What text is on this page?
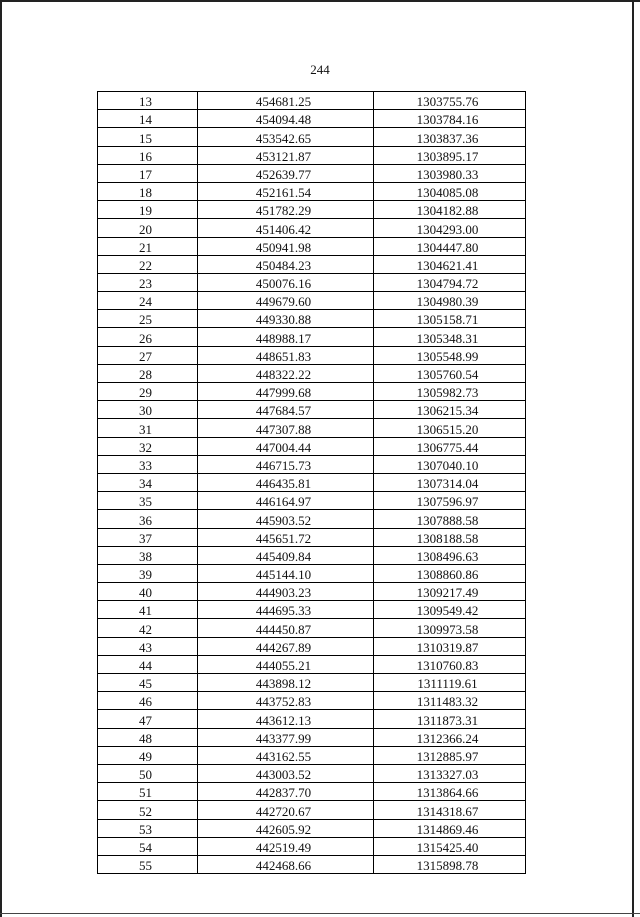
244
13	454681.25	1303755.76
14	454094.48	1303784.16
15	453542.65	1303837.36
16	453121.87	1303895.17
17	452639.77	1303980.33
18	452161.54	1304085.08
19	451782.29	1304182.88
20	451406.42	1304293.00
21	450941.98	1304447.80
22	450484.23	1304621.41
23	450076.16	1304794.72
24	449679.60	1304980.39
25	449330.88	1305158.71
26	448988.17	1305348.31
27	448651.83	1305548.99
28	448322.22	1305760.54
29	447999.68	1305982.73
30	447684.57	1306215.34
31	447307.88	1306515.20
32	447004.44	1306775.44
33	446715.73	1307040.10
34	446435.81	1307314.04
35	446164.97	1307596.97
36	445903.52	1307888.58
37	445651.72	1308188.58
38	445409.84	1308496.63
39	445144.10	1308860.86
40	444903.23	1309217.49
41	444695.33	1309549.42
42	444450.87	1309973.58
43	444267.89	1310319.87
44	444055.21	1310760.83
45	443898.12	1311119.61
46	443752.83	1311483.32
47	443612.13	1311873.31
48	443377.99	1312366.24
49	443162.55	1312885.97
50	443003.52	1313327.03
51	442837.70	1313864.66
52	442720.67	1314318.67
53	442605.92	1314869.46
54	442519.49	1315425.40
55	442468.66	1315898.78
